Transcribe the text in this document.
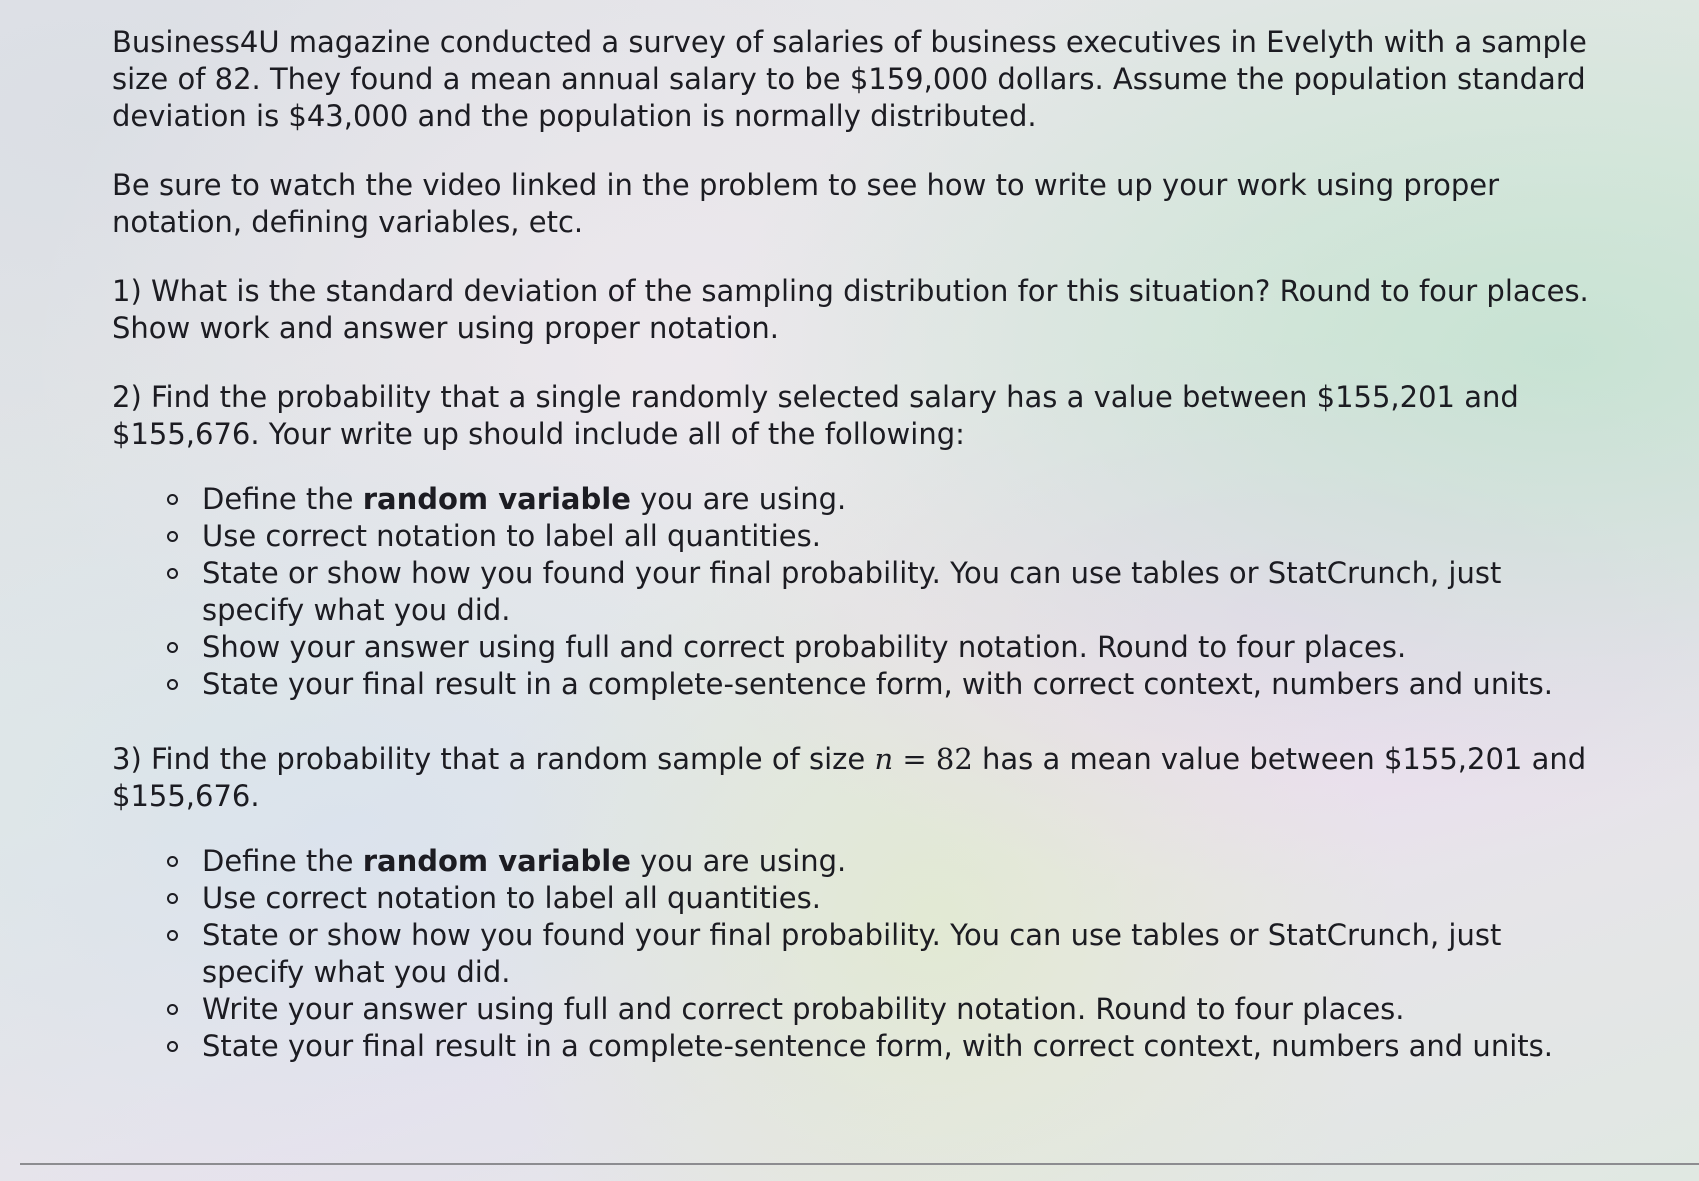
Business4U magazine conducted a survey of salaries of business executives in Evelyth with a sample size of 82. They found a mean annual salary to be $159,000 dollars. Assume the population standard deviation is $43,000 and the population is normally distributed.

Be sure to watch the video linked in the problem to see how to write up your work using proper notation, defining variables, etc.

1) What is the standard deviation of the sampling distribution for this situation? Round to four places. Show work and answer using proper notation.

2) Find the probability that a single randomly selected salary has a value between $155,201 and $155,676. Your write up should include all of the following:

Define the random variable you are using.
Use correct notation to label all quantities.
State or show how you found your final probability. You can use tables or StatCrunch, just specify what you did.
Show your answer using full and correct probability notation. Round to four places.
State your final result in a complete-sentence form, with correct context, numbers and units.

3) Find the probability that a random sample of size n = 82 has a mean value between $155,201 and $155,676.

Define the random variable you are using.
Use correct notation to label all quantities.
State or show how you found your final probability. You can use tables or StatCrunch, just specify what you did.
Write your answer using full and correct probability notation. Round to four places.
State your final result in a complete-sentence form, with correct context, numbers and units.
